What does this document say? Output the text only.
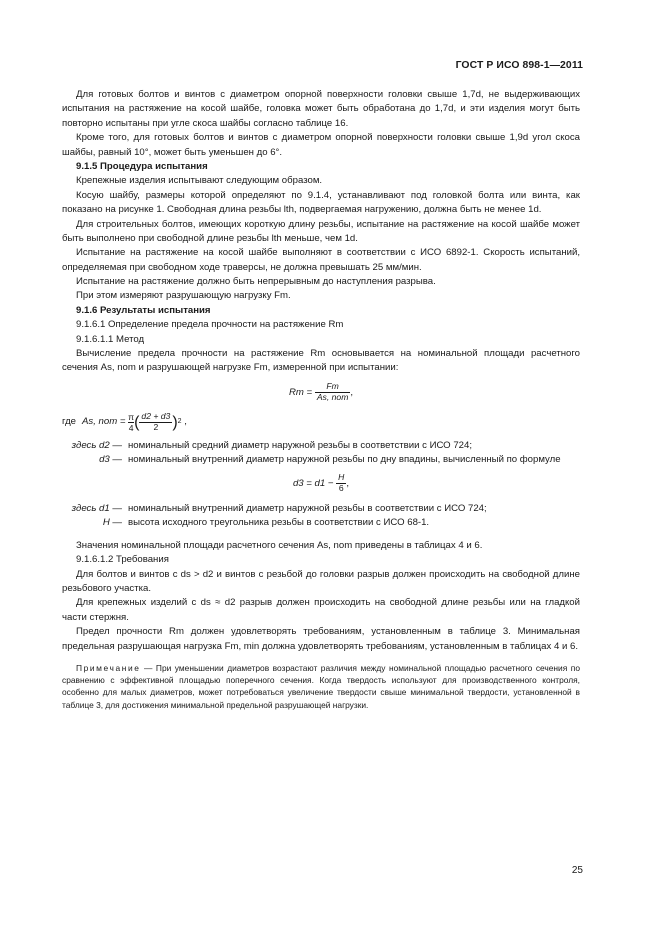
ГОСТ Р ИСО 898-1—2011

Для готовых болтов и винтов с диаметром опорной поверхности головки свыше 1,7d, не выдерживающих испытания на растяжение на косой шайбе, головка может быть обработана до 1,7d, и эти изделия могут быть повторно испытаны при угле скоса шайбы согласно таблице 16.

Кроме того, для готовых болтов и винтов с диаметром опорной поверхности головки свыше 1,9d угол скоса шайбы, равный 10°, может быть уменьшен до 6°.

9.1.5 Процедура испытания

Крепежные изделия испытывают следующим образом.

Косую шайбу, размеры которой определяют по 9.1.4, устанавливают под головкой болта или винта, как показано на рисунке 1. Свободная длина резьбы lth, подвергаемая нагружению, должна быть не менее 1d.

Для строительных болтов, имеющих короткую длину резьбы, испытание на растяжение на косой шайбе может быть выполнено при свободной длине резьбы lth меньше, чем 1d.

Испытание на растяжение на косой шайбе выполняют в соответствии с ИСО 6892-1. Скорость испытаний, определяемая при свободном ходе траверсы, не должна превышать 25 мм/мин.

Испытание на растяжение должно быть непрерывным до наступления разрыва.

При этом измеряют разрушающую нагрузку Fm.

9.1.6 Результаты испытания

9.1.6.1 Определение предела прочности на растяжение Rm

9.1.6.1.1 Метод

Вычисление предела прочности на растяжение Rm основывается на номинальной площади расчетного сечения As, nom и разрушающей нагрузке Fm, измеренной при испытании:

$Rm = \frac{Fm}{\text{As, nom}}$ ,
где As, nom =
$\frac{\pi}{4}$ ( $\frac{d2 + d3}{2}$ ) 2 ,
здесь d2 — номинальный средний диаметр наружной резьбы в соответствии с ИСО 724;
d3 — номинальный внутренний диаметр наружной резьбы по дну впадины, вычисленный по формуле
$d3 = d1 - \frac{H}{6}$ ,
здесь d1 — номинальный внутренний диаметр наружной резьбы в соответствии с ИСО 724;
H — высота исходного треугольника резьбы в соответствии с ИСО 68-1.

Значения номинальной площади расчетного сечения As, nom приведены в таблицах 4 и 6.

9.1.6.1.2 Требования

Для болтов и винтов с ds > d2 и винтов с резьбой до головки разрыв должен происходить на свободной длине резьбового участка.

Для крепежных изделий с ds ≈ d2 разрыв должен происходить на свободной длине резьбы или на гладкой части стержня.

Предел прочности Rm должен удовлетворять требованиям, установленным в таблице 3. Минимальная предельная разрушающая нагрузка Fm, min должна удовлетворять требованиям, установленным в таблицах 4 и 6.

Примечание — При уменьшении диаметров возрастают различия между номинальной площадью расчетного сечения по сравнению с эффективной площадью поперечного сечения. Когда твердость используют для производственного контроля, особенно для малых диаметров, может потребоваться увеличение твердости свыше минимальной твердости, установленной в таблице 3, для достижения минимальной предельной разрушающей нагрузки.

25
